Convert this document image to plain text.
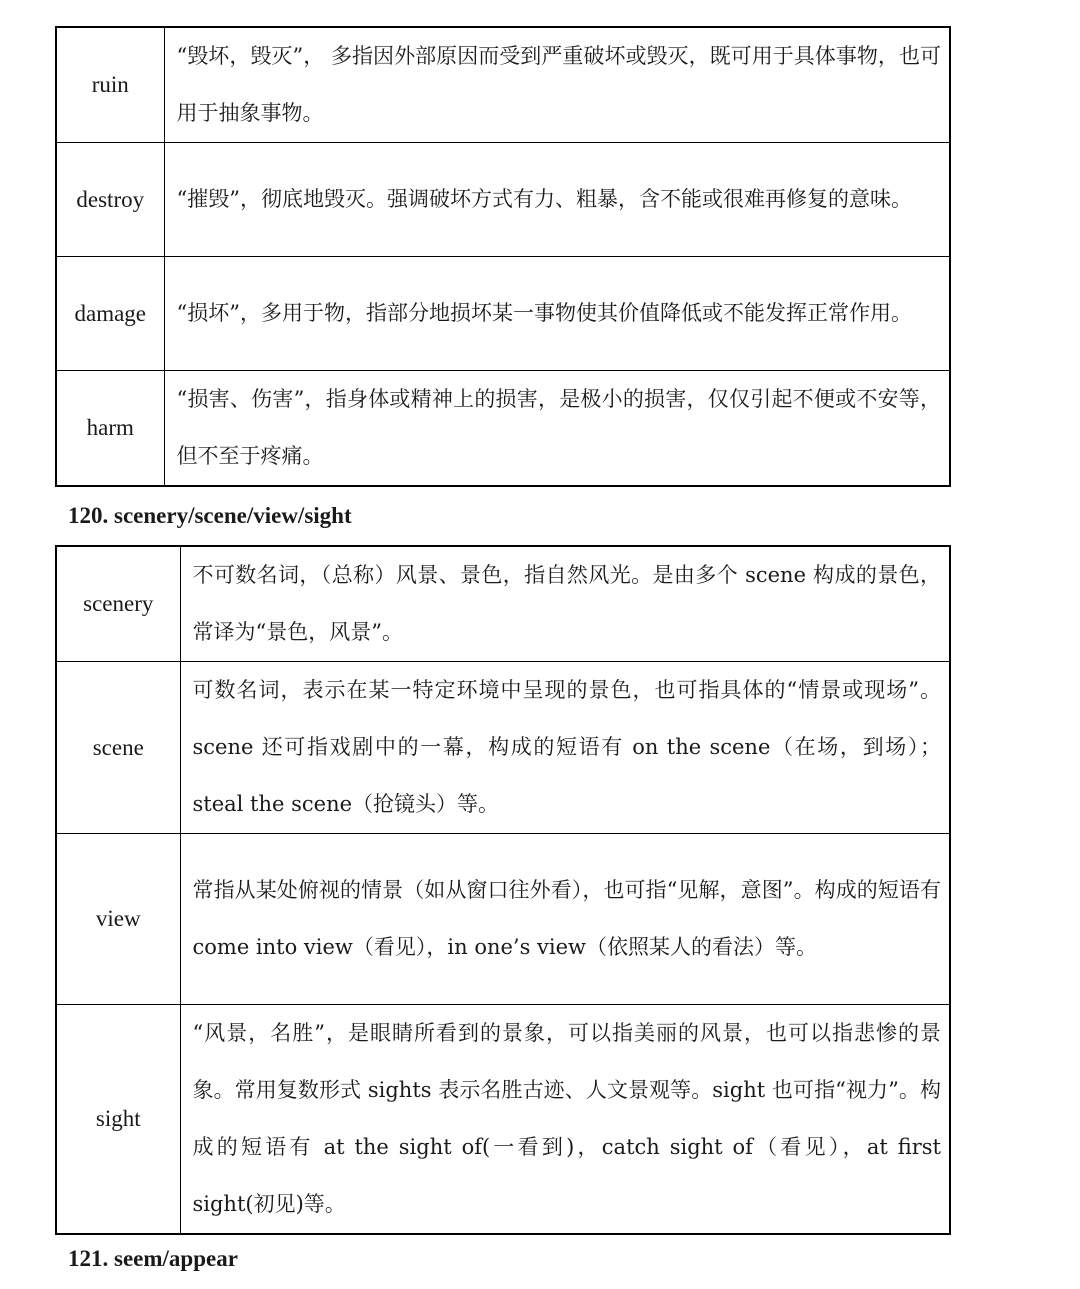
ruin	“毁坏，毁灭”， 多指因外部原因而受到严重破坏或毁灭，既可用于具体事物，也可用于抽象事物。
destroy	“摧毁”，彻底地毁灭。强调破坏方式有力、粗暴，含不能或很难再修复的意味。
damage	“损坏”，多用于物，指部分地损坏某一事物使其价值降低或不能发挥正常作用。
harm	“损害、伤害”，指身体或精神上的损害，是极小的损害，仅仅引起不便或不安等，但不至于疼痛。
120. scenery/scene/view/sight
scenery	不可数名词，（总称）风景、景色，指自然风光。是由多个 scene 构成的景色，常译为“景色，风景”。
scene	可数名词，表示在某一特定环境中呈现的景色，也可指具体的“情景或现场”。 scene 还可指戏剧中的一幕，构成的短语有 on the scene（在场，到场）；steal the scene（抢镜头）等。
view	常指从某处俯视的情景（如从窗口往外看），也可指“见解，意图”。构成的短语有 come into view（看见），in one’s view（依照某人的看法）等。
sight	“风景，名胜”，是眼睛所看到的景象，可以指美丽的风景，也可以指悲惨的景象。常用复数形式 sights 表示名胜古迹、人文景观等。sight 也可指“视力”。构成的短语有 at the sight of(一看到)，catch sight of（看见），at first sight(初见)等。
121. seem/appear
